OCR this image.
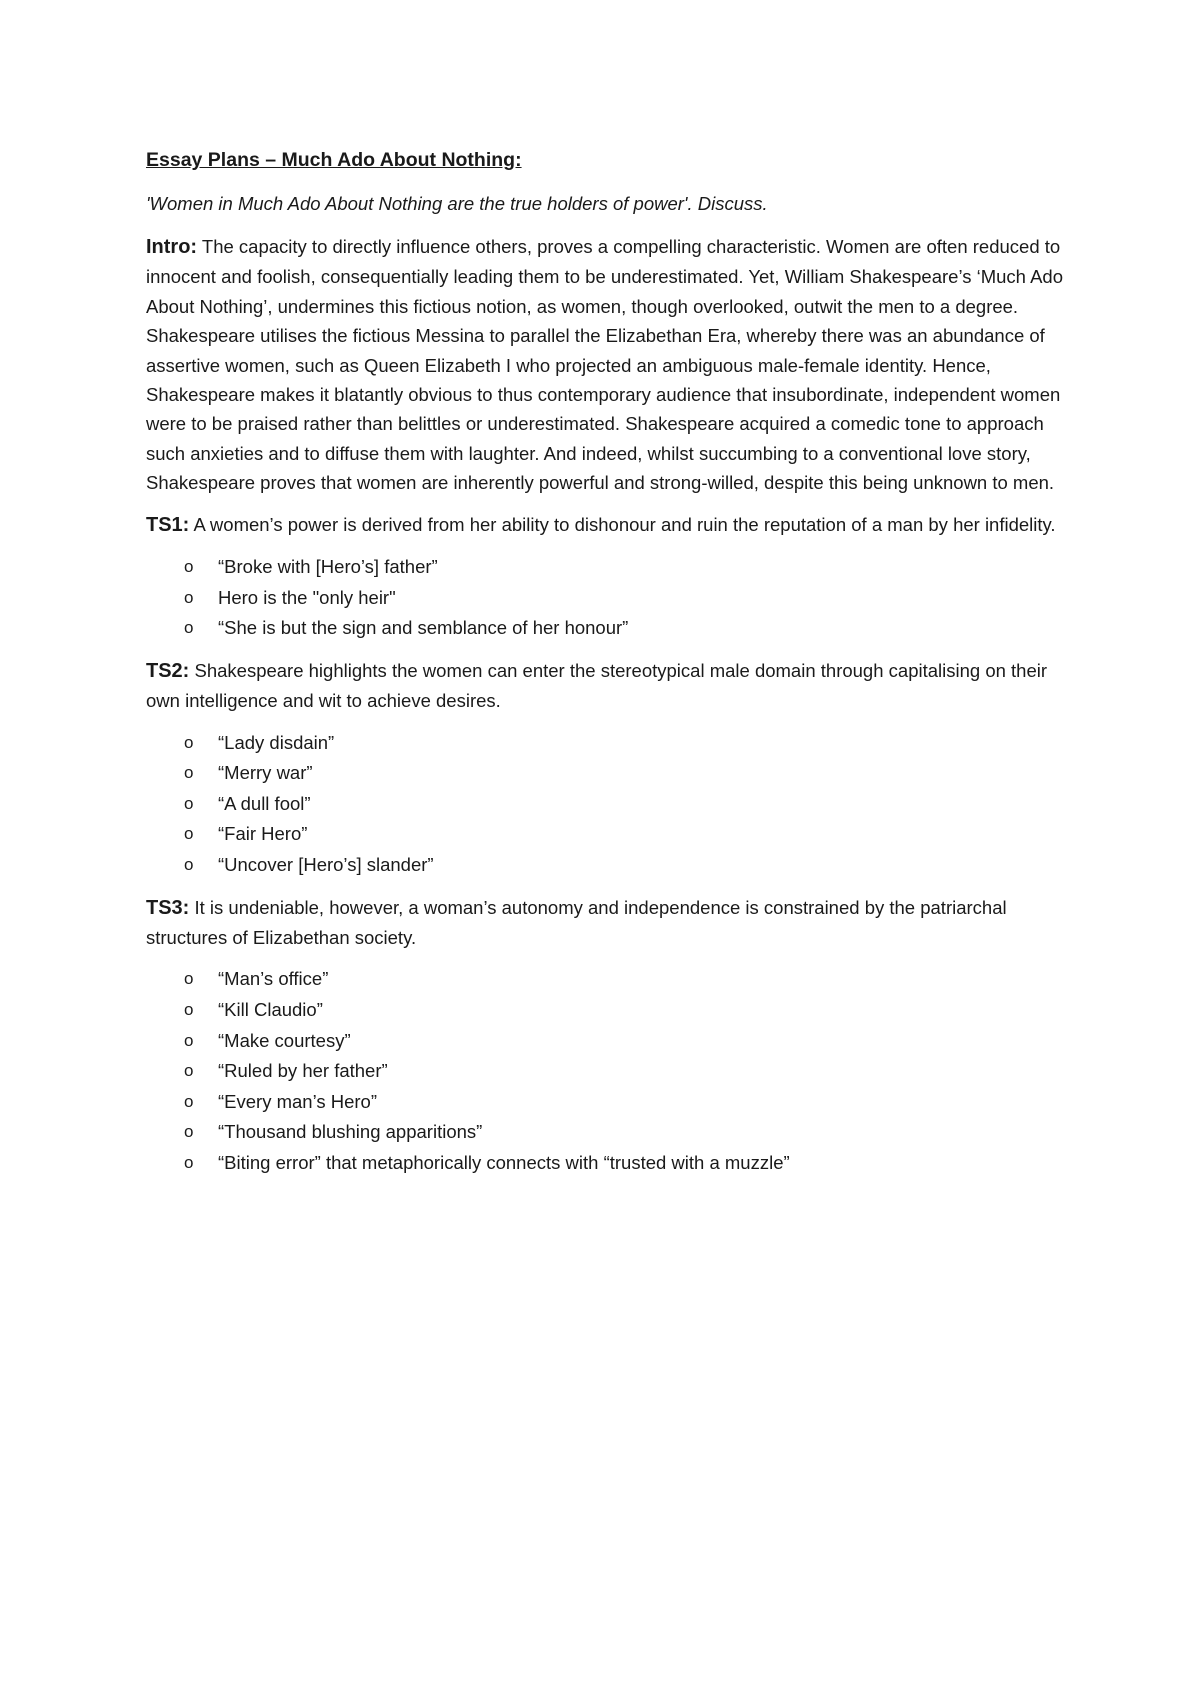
Essay Plans – Much Ado About Nothing:
'Women in Much Ado About Nothing are the true holders of power'. Discuss.
Intro: The capacity to directly influence others, proves a compelling characteristic. Women are often reduced to innocent and foolish, consequentially leading them to be underestimated. Yet, William Shakespeare’s ‘Much Ado About Nothing’, undermines this fictious notion, as women, though overlooked, outwit the men to a degree. Shakespeare utilises the fictious Messina to parallel the Elizabethan Era, whereby there was an abundance of assertive women, such as Queen Elizabeth I who projected an ambiguous male-female identity. Hence, Shakespeare makes it blatantly obvious to thus contemporary audience that insubordinate, independent women were to be praised rather than belittles or underestimated. Shakespeare acquired a comedic tone to approach such anxieties and to diffuse them with laughter. And indeed, whilst succumbing to a conventional love story, Shakespeare proves that women are inherently powerful and strong-willed, despite this being unknown to men.
TS1: A women’s power is derived from her ability to dishonour and ruin the reputation of a man by her infidelity.
o “Broke with [Hero’s] father”
o Hero is the "only heir"
o “She is but the sign and semblance of her honour”
TS2: Shakespeare highlights the women can enter the stereotypical male domain through capitalising on their own intelligence and wit to achieve desires.
o “Lady disdain”
o “Merry war”
o “A dull fool”
o “Fair Hero”
o “Uncover [Hero’s] slander”
TS3: It is undeniable, however, a woman’s autonomy and independence is constrained by the patriarchal structures of Elizabethan society.
o “Man’s office”
o “Kill Claudio”
o “Make courtesy”
o “Ruled by her father”
o “Every man’s Hero”
o “Thousand blushing apparitions”
o “Biting error” that metaphorically connects with “trusted with a muzzle”
